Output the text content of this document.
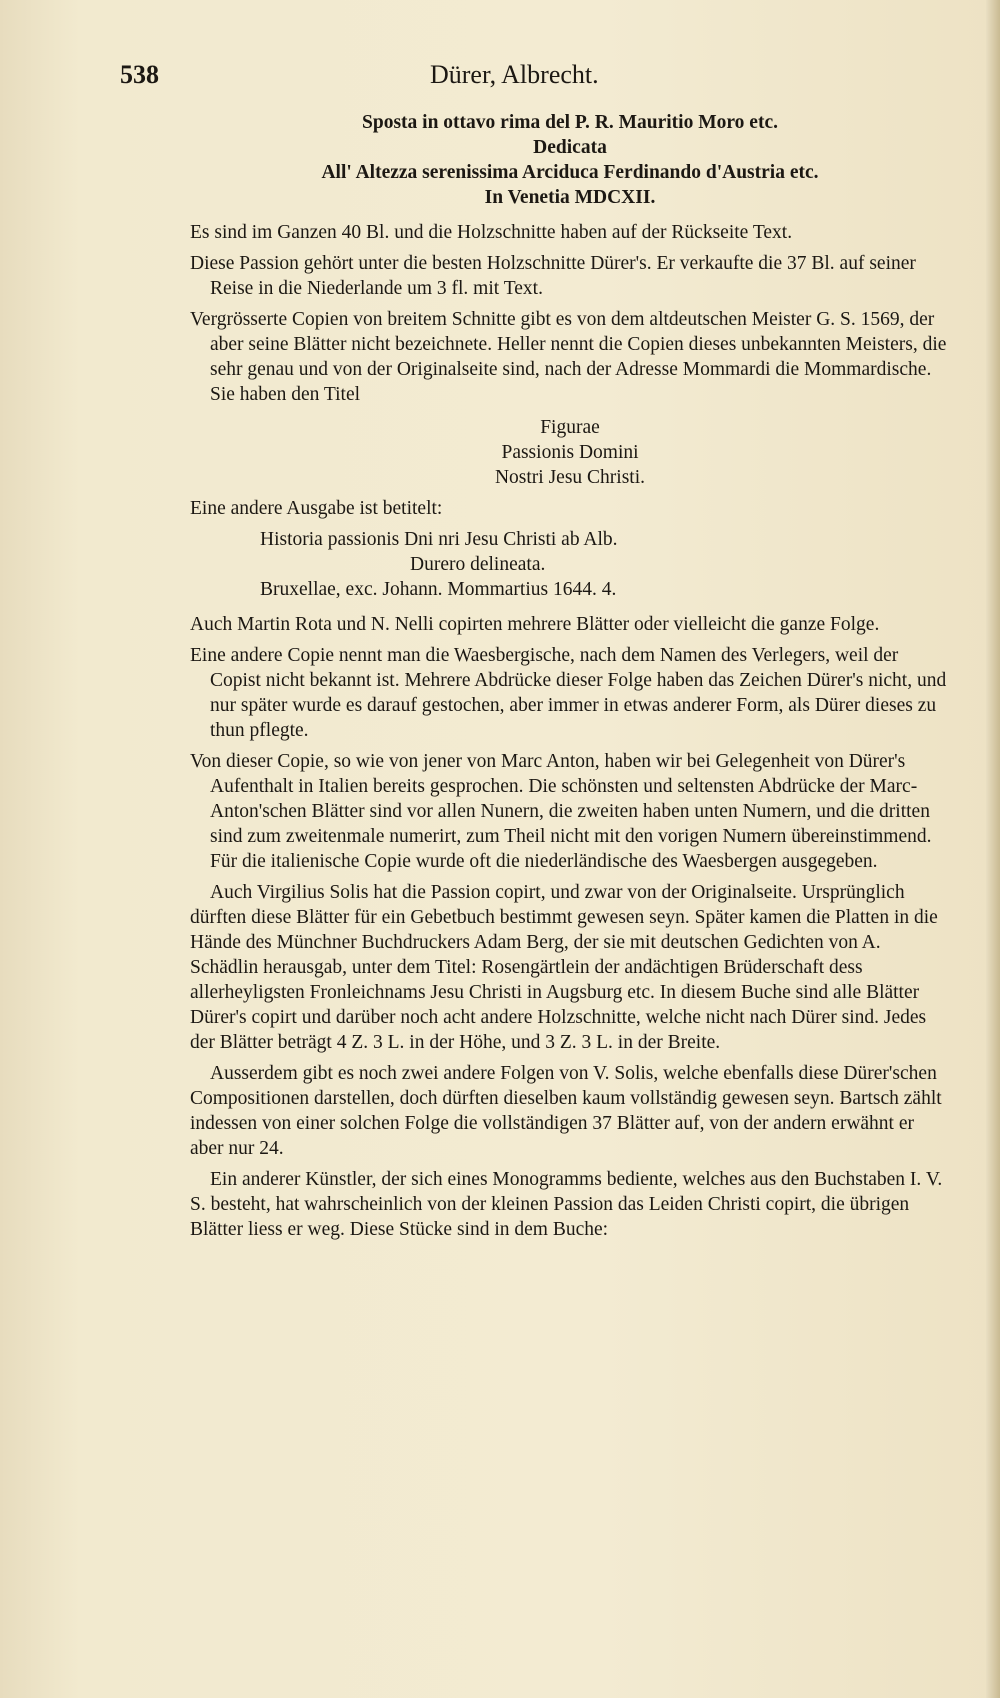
538	Dürer, Albrecht.
Sposta in ottavo rima del P. R. Mauritio Moro etc.
Dedicata
All' Altezza serenissima Arciduca Ferdinando d'Austria etc.
In Venetia MDCXII.

Es sind im Ganzen 40 Bl. und die Holzschnitte haben auf der Rückseite Text.

Diese Passion gehört unter die besten Holzschnitte Dürer's. Er verkaufte die 37 Bl. auf seiner Reise in die Niederlande um 3 fl. mit Text.

Vergrösserte Copien von breitem Schnitte gibt es von dem altdeutschen Meister G. S. 1569, der aber seine Blätter nicht bezeichnete. Heller nennt die Copien dieses unbekannten Meisters, die sehr genau und von der Originalseite sind, nach der Adresse Mommardi die Mommardische. Sie haben den Titel

Figurae
Passionis Domini
Nostri Jesu Christi.

Eine andere Ausgabe ist betitelt:

Historia passionis Dni nri Jesu Christi ab Alb.
Durero delineata.
Bruxellae, exc. Johann. Mommartius 1644. 4.

Auch Martin Rota und N. Nelli copirten mehrere Blätter oder vielleicht die ganze Folge.

Eine andere Copie nennt man die Waesbergische, nach dem Namen des Verlegers, weil der Copist nicht bekannt ist. Mehrere Abdrücke dieser Folge haben das Zeichen Dürer's nicht, und nur später wurde es darauf gestochen, aber immer in etwas anderer Form, als Dürer dieses zu thun pflegte.

Von dieser Copie, so wie von jener von Marc Anton, haben wir bei Gelegenheit von Dürer's Aufenthalt in Italien bereits gesprochen. Die schönsten und seltensten Abdrücke der Marc-Anton'schen Blätter sind vor allen Nunern, die zweiten haben unten Numern, und die dritten sind zum zweitenmale numerirt, zum Theil nicht mit den vorigen Numern übereinstimmend. Für die italienische Copie wurde oft die niederländische des Waesbergen ausgegeben.

Auch Virgilius Solis hat die Passion copirt, und zwar von der Originalseite. Ursprünglich dürften diese Blätter für ein Gebetbuch bestimmt gewesen seyn. Später kamen die Platten in die Hände des Münchner Buchdruckers Adam Berg, der sie mit deutschen Gedichten von A. Schädlin herausgab, unter dem Titel: Rosengärtlein der andächtigen Brüderschaft dess allerheyligsten Fronleichnams Jesu Christi in Augsburg etc. In diesem Buche sind alle Blätter Dürer's copirt und darüber noch acht andere Holzschnitte, welche nicht nach Dürer sind. Jedes der Blätter beträgt 4 Z. 3 L. in der Höhe, und 3 Z. 3 L. in der Breite.

Ausserdem gibt es noch zwei andere Folgen von V. Solis, welche ebenfalls diese Dürer'schen Compositionen darstellen, doch dürften dieselben kaum vollständig gewesen seyn. Bartsch zählt indessen von einer solchen Folge die vollständigen 37 Blätter auf, von der andern erwähnt er aber nur 24.

Ein anderer Künstler, der sich eines Monogramms bediente, welches aus den Buchstaben I. V. S. besteht, hat wahrscheinlich von der kleinen Passion das Leiden Christi copirt, die übrigen Blätter liess er weg. Diese Stücke sind in dem Buche:
